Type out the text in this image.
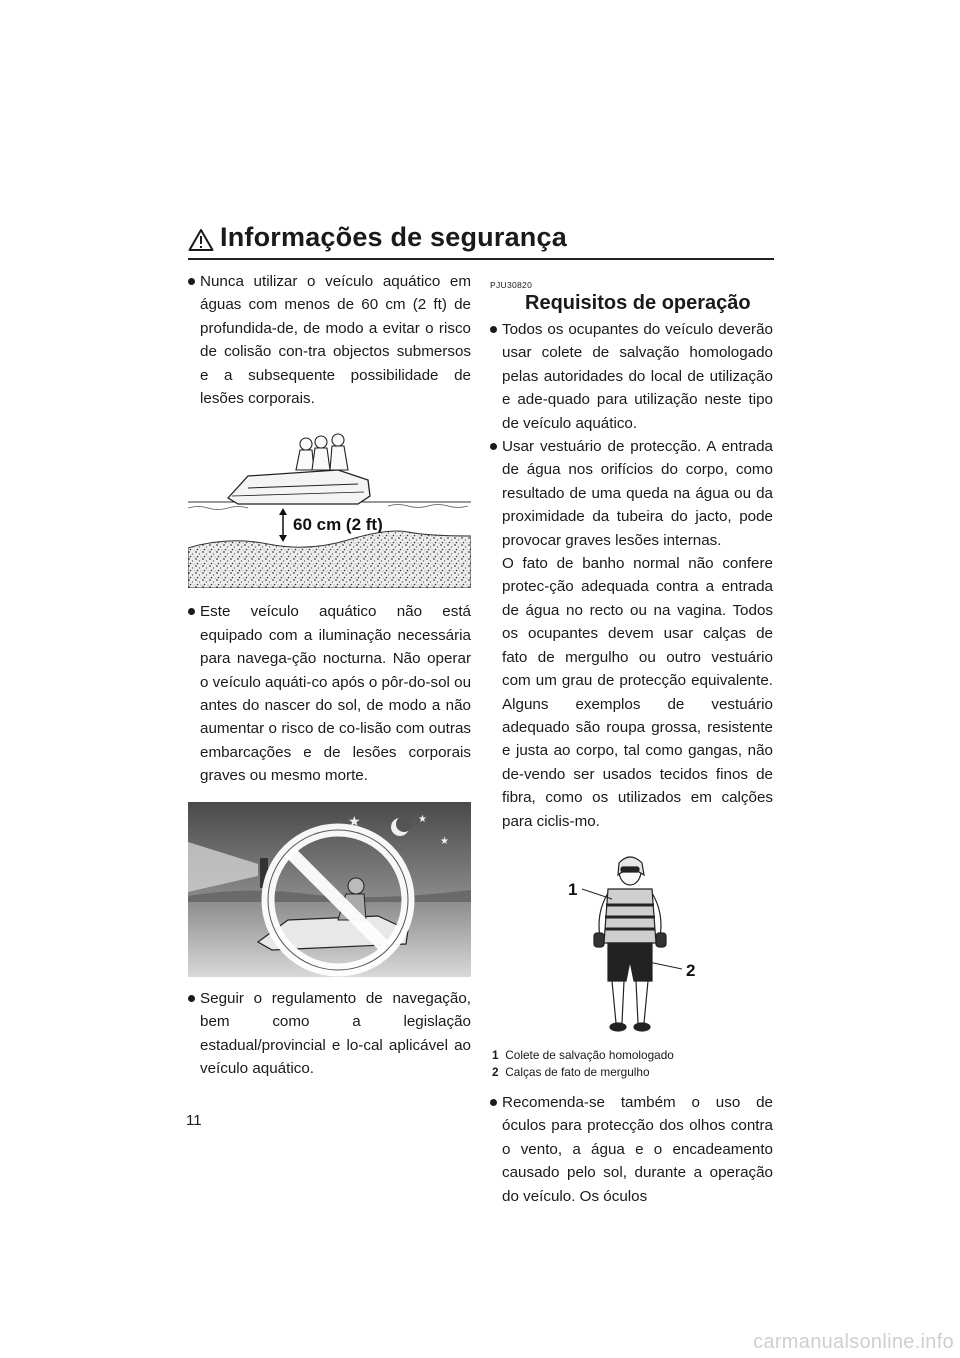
Informações de segurança

Nunca utilizar o veículo aquático em águas com menos de 60 cm (2 ft) de profundida-de, de modo a evitar o risco de colisão con-tra objectos submersos e a subsequente possibilidade de lesões corporais.

60 cm (2 ft)

Este veículo aquático não está equipado com a iluminação necessária para navega-ção nocturna. Não operar o veículo aquáti-co após o pôr-do-sol ou antes do nascer do sol, de modo a não aumentar o risco de co-lisão com outras embarcações e de lesões corporais graves ou mesmo morte.

★	★
★

Seguir o regulamento de navegação, bem como a legislação estadual/provincial e lo-cal aplicável ao veículo aquático.

PJU30820

Requisitos de operação

Todos os ocupantes do veículo deverão usar colete de salvação homologado pelas autoridades do local de utilização e ade-quado para utilização neste tipo de veículo aquático.

Usar vestuário de protecção. A entrada de água nos orifícios do corpo, como resultado de uma queda na água ou da proximidade da tubeira do jacto, pode provocar graves lesões internas.

O fato de banho normal não confere protec-ção adequada contra a entrada de água no recto ou na vagina. Todos os ocupantes devem usar calças de fato de mergulho ou outro vestuário com um grau de protecção equivalente. Alguns exemplos de vestuário adequado são roupa grossa, resistente e justa ao corpo, tal como gangas, não de-vendo ser usados tecidos finos de fibra, como os utilizados em calções para ciclis-mo.

1
2

1 Colete de salvação homologado

2 Calças de fato de mergulho

Recomenda-se também o uso de óculos para protecção dos olhos contra o vento, a água e o encadeamento causado pelo sol, durante a operação do veículo. Os óculos

11
carmanualsonline.info
